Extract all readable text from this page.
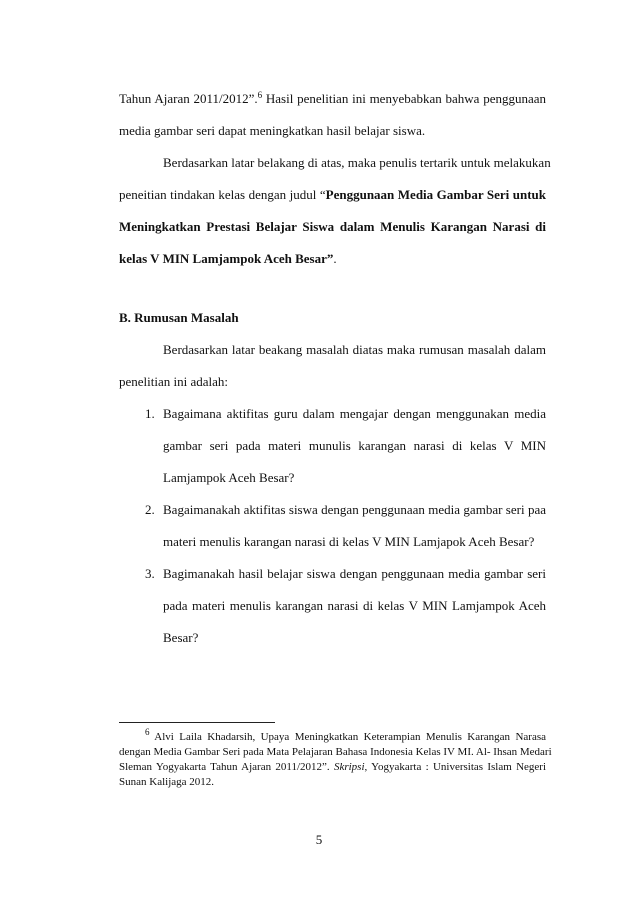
Tahun Ajaran 2011/2012”.$^6$ Hasil penelitian ini menyebabkan bahwa penggunaan
media gambar seri dapat meningkatkan hasil belajar siswa.
Berdasarkan latar belakang di atas, maka penulis tertarik untuk melakukan
peneitian tindakan kelas dengan judul “Penggunaan Media Gambar Seri untuk
Meningkatkan Prestasi Belajar Siswa dalam Menulis Karangan Narasi di
kelas V MIN Lamjampok Aceh Besar”.
B. Rumusan Masalah
Berdasarkan latar beakang masalah diatas maka rumusan masalah dalam
penelitian ini adalah:
1. Bagaimana aktifitas guru dalam mengajar dengan menggunakan media
gambar seri pada materi munulis karangan narasi di kelas V MIN
Lamjampok Aceh Besar?
2. Bagaimanakah aktifitas siswa dengan penggunaan media gambar seri paa
materi menulis karangan narasi di kelas V MIN Lamjapok Aceh Besar?
3. Bagimanakah hasil belajar siswa dengan penggunaan media gambar seri
pada materi menulis karangan narasi di kelas V MIN Lamjampok Aceh
Besar?
$^6$ Alvi Laila Khadarsih, Upaya Meningkatkan Keterampian Menulis Karangan Narasa
dengan Media Gambar Seri pada Mata Pelajaran Bahasa Indonesia Kelas IV MI. Al- Ihsan Medari
Sleman Yogyakarta Tahun Ajaran 2011/2012”. Skripsi, Yogyakarta : Universitas Islam Negeri
Sunan Kalijaga 2012.
5
